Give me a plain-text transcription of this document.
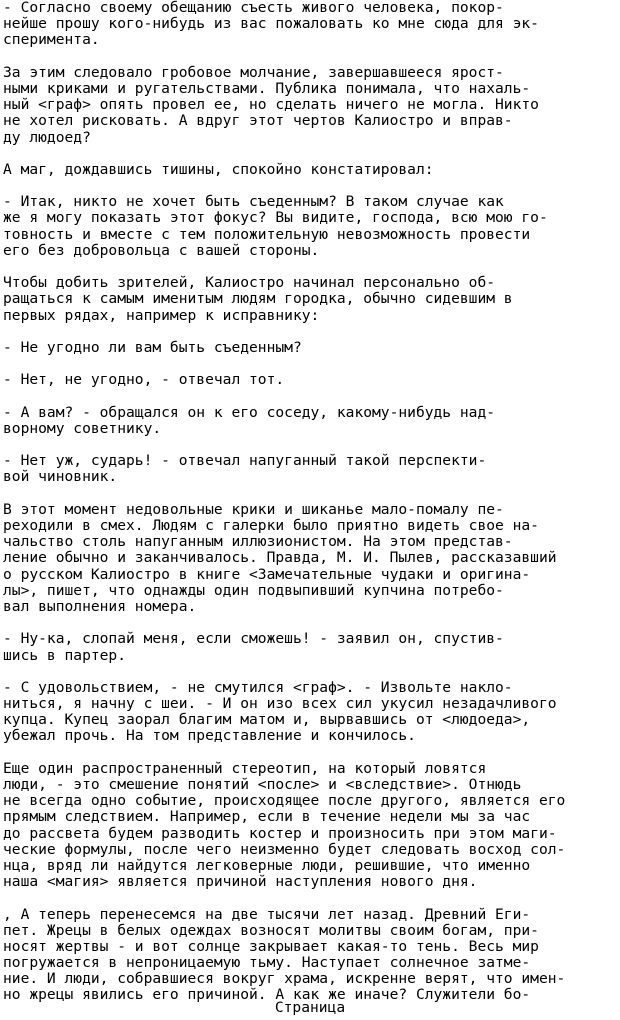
- Согласно своему обещанию съесть живого человека, покор-
нейше прошу кого-нибудь из вас пожаловать ко мне сюда для эк-
сперимента.
За этим следовало гробовое молчание, завершавшееся ярост-
ными криками и ругательствами. Публика понимала, что нахаль-
ный <граф> опять провел ее, но сделать ничего не могла. Никто
не хотел рисковать. А вдруг этот чертов Калиостро и вправ-
ду людоед?
А маг, дождавшись тишины, спокойно констатировал:
- Итак, никто не хочет быть съеденным? В таком случае как
же я могу показать этот фокус? Вы видите, господа, всю мою го-
товность и вместе с тем положительную невозможность провести
его без добровольца с вашей стороны.
Чтобы добить зрителей, Калиостро начинал персонально об-
ращаться к самым именитым людям городка, обычно сидевшим в
первых рядах, например к исправнику:
- Не угодно ли вам быть съеденным?
- Нет, не угодно, - отвечал тот.
- А вам? - обращался он к его соседу, какому-нибудь над-
ворному советнику.
- Нет уж, сударь! - отвечал напуганный такой перспекти-
вой чиновник.
В этот момент недовольные крики и шиканье мало-помалу пе-
реходили в смех. Людям с галерки было приятно видеть свое на-
чальство столь напуганным иллюзионистом. На этом представ-
ление обычно и заканчивалось. Правда, М. И. Пылев, рассказавший
о русском Калиостро в книге <Замечательные чудаки и оригина-
лы>, пишет, что однажды один подвыпивший купчина потребо-
вал выполнения номера.
- Ну-ка, слопай меня, если сможешь! - заявил он, спустив-
шись в партер.
- С удовольствием, - не смутился <граф>. - Извольте накло-
ниться, я начну с шеи. - И он изо всех сил укусил незадачливого
купца. Купец заорал благим матом и, вырвавшись от <людоеда>,
убежал прочь. На том представление и кончилось.
Еще один распространенный стереотип, на который ловятся
люди, - это смешение понятий <после> и <вследствие>. Отнюдь
не всегда одно событие, происходящее после другого, является его
прямым следствием. Например, если в течение недели мы за час
до рассвета будем разводить костер и произносить при этом маги-
ческие формулы, после чего неизменно будет следовать восход сол-
нца, вряд ли найдутся легковерные люди, решившие, что именно
наша <магия> является причиной наступления нового дня.
, А теперь перенесемся на две тысячи лет назад. Древний Еги-
пет. Жрецы в белых одеждах возносят молитвы своим богам, при-
носят жертвы - и вот солнце закрывает какая-то тень. Весь мир
погружается в непроницаемую тьму. Наступает солнечное затме-
ние. И люди, собравшиеся вокруг храма, искренне верят, что имен-
но жрецы явились его причиной. А как же иначе? Служители бо-
Страница
